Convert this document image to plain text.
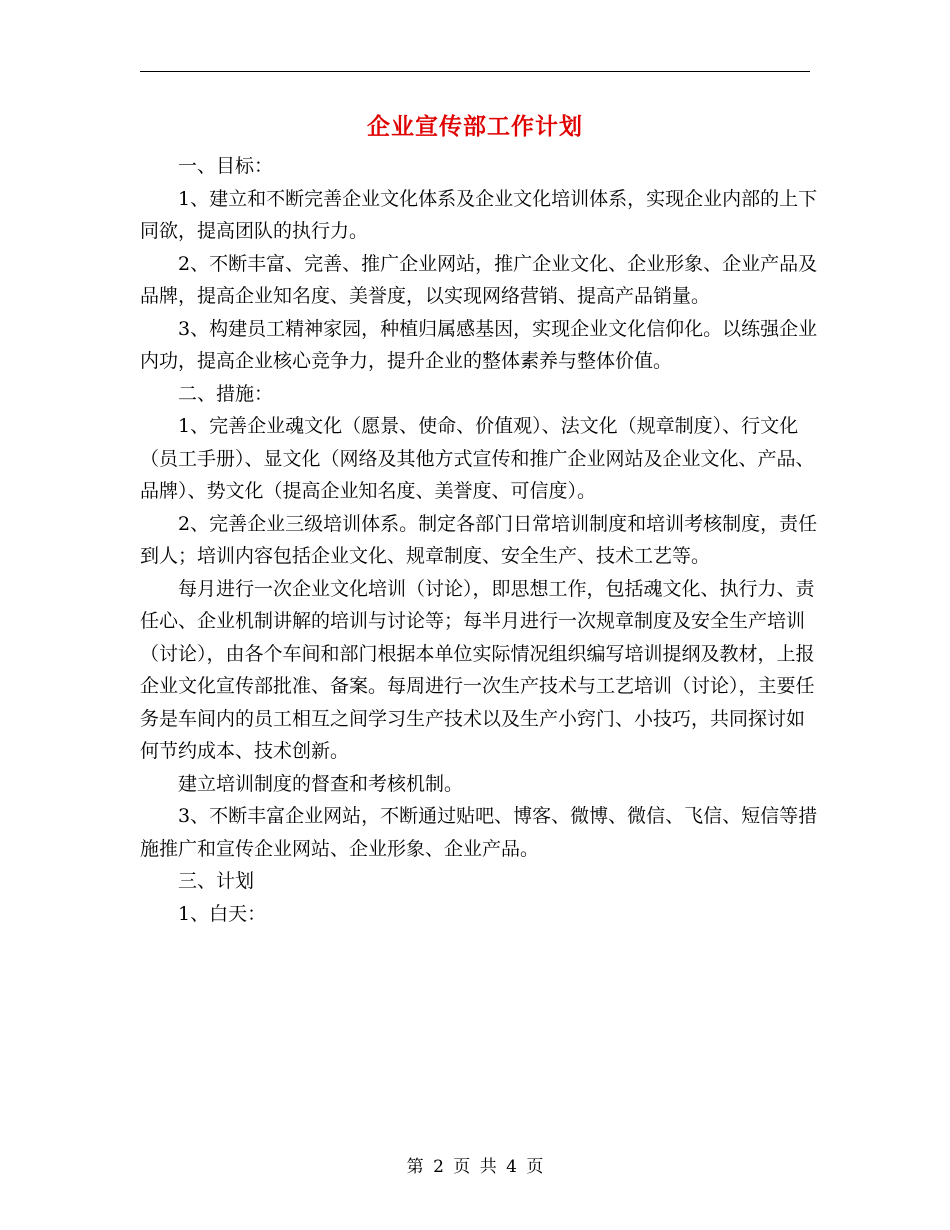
企业宣传部工作计划

一、目标：

1、建立和不断完善企业文化体系及企业文化培训体系，实现企业内部的上下同欲，提高团队的执行力。

2、不断丰富、完善、推广企业网站，推广企业文化、企业形象、企业产品及品牌，提高企业知名度、美誉度，以实现网络营销、提高产品销量。

3、构建员工精神家园，种植归属感基因，实现企业文化信仰化。以练强企业内功，提高企业核心竞争力，提升企业的整体素养与整体价值。

二、措施：

1、完善企业魂文化（愿景、使命、价值观）、法文化（规章制度）、行文化（员工手册）、显文化（网络及其他方式宣传和推广企业网站及企业文化、产品、品牌）、势文化（提高企业知名度、美誉度、可信度）。

2、完善企业三级培训体系。制定各部门日常培训制度和培训考核制度，责任到人；培训内容包括企业文化、规章制度、安全生产、技术工艺等。

每月进行一次企业文化培训（讨论），即思想工作，包括魂文化、执行力、责任心、企业机制讲解的培训与讨论等；每半月进行一次规章制度及安全生产培训（讨论），由各个车间和部门根据本单位实际情况组织编写培训提纲及教材，上报企业文化宣传部批准、备案。每周进行一次生产技术与工艺培训（讨论），主要任务是车间内的员工相互之间学习生产技术以及生产小窍门、小技巧，共同探讨如何节约成本、技术创新。

建立培训制度的督查和考核机制。

3、不断丰富企业网站，不断通过贴吧、博客、微博、微信、飞信、短信等措施推广和宣传企业网站、企业形象、企业产品。

三、计划

1、白天：

第 2 页 共 4 页
